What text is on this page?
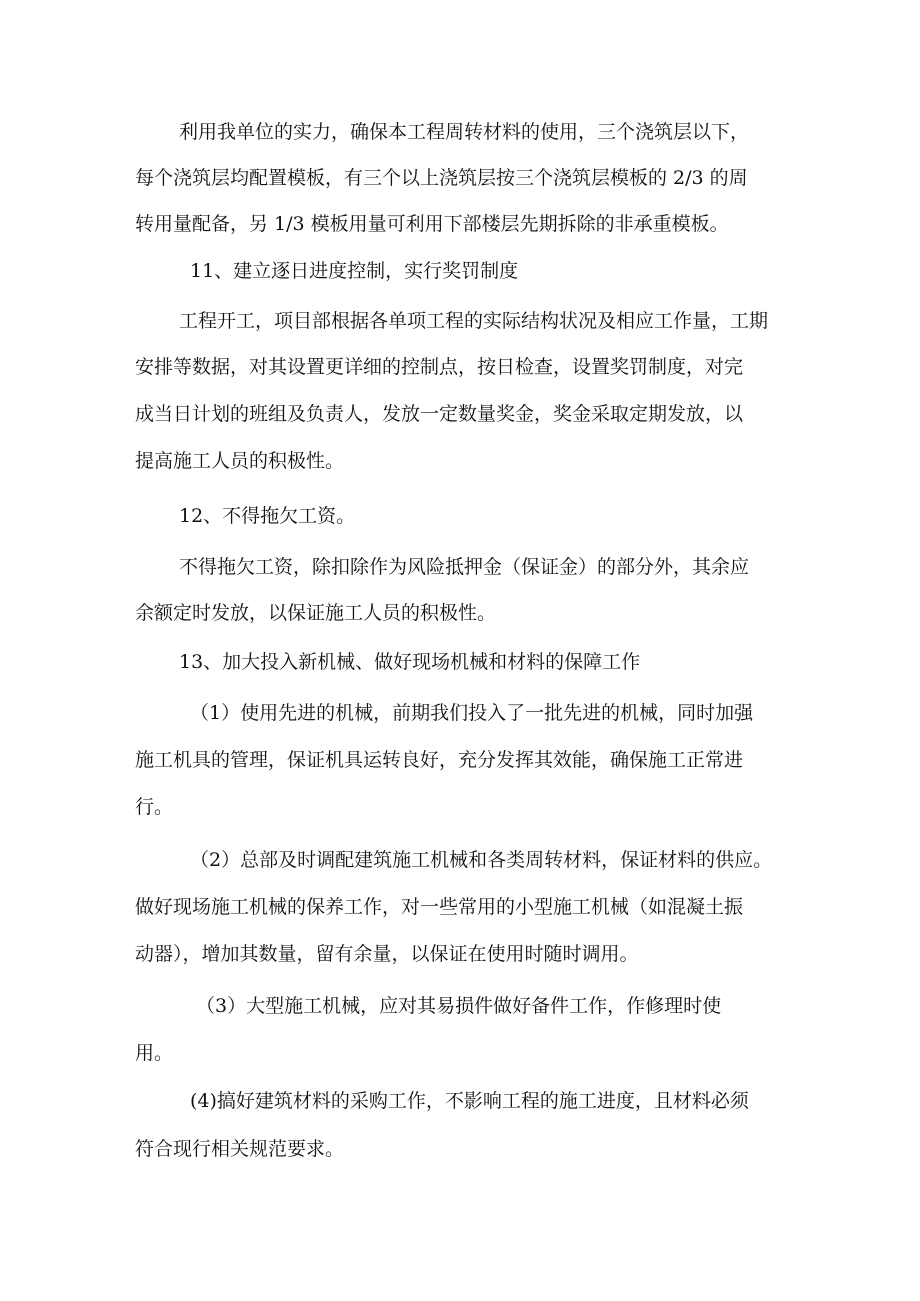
利用我单位的实力，确保本工程周转材料的使用，三个浇筑层以下，
每个浇筑层均配置模板，有三个以上浇筑层按三个浇筑层模板的 2/3 的周
转用量配备，另 1/3 模板用量可利用下部楼层先期拆除的非承重模板。
11、建立逐日进度控制，实行奖罚制度
工程开工，项目部根据各单项工程的实际结构状况及相应工作量，工期
安排等数据，对其设置更详细的控制点，按日检查，设置奖罚制度，对完
成当日计划的班组及负责人，发放一定数量奖金，奖金采取定期发放，以
提高施工人员的积极性。
12、不得拖欠工资。
不得拖欠工资，除扣除作为风险抵押金（保证金）的部分外，其余应
余额定时发放，以保证施工人员的积极性。
13、加大投入新机械、做好现场机械和材料的保障工作
（1）使用先进的机械，前期我们投入了一批先进的机械，同时加强
施工机具的管理，保证机具运转良好，充分发挥其效能，确保施工正常进
行。
（2）总部及时调配建筑施工机械和各类周转材料，保证材料的供应。
做好现场施工机械的保养工作，对一些常用的小型施工机械（如混凝土振
动器），增加其数量，留有余量，以保证在使用时随时调用。
（3）大型施工机械，应对其易损件做好备件工作，作修理时使
用。
(4)搞好建筑材料的采购工作，不影响工程的施工进度，且材料必须
符合现行相关规范要求。
